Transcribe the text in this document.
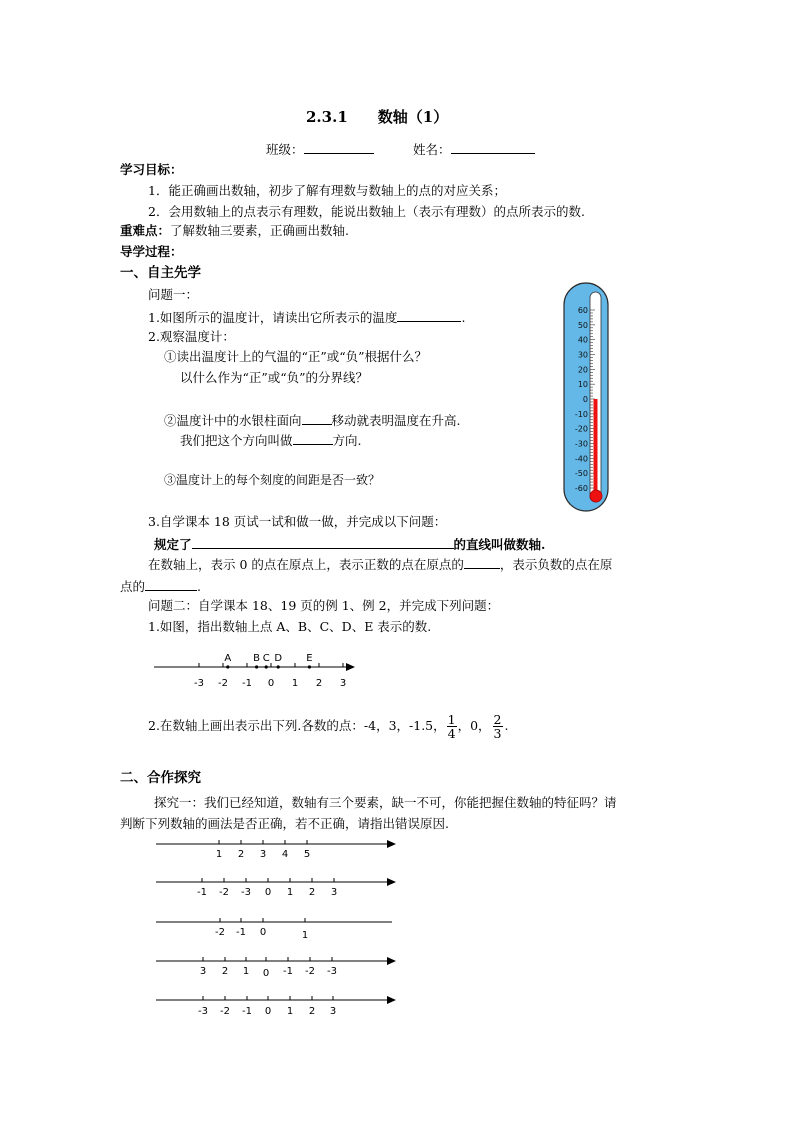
2.3.1　　数轴（1）
班级：	姓名：
学习目标：
1．能正确画出数轴，初步了解有理数与数轴上的点的对应关系；
2．会用数轴上的点表示有理数，能说出数轴上（表示有理数）的点所表示的数.
重难点：了解数轴三要素，正确画出数轴.
导学过程：
一、自主先学
问题一：
1.如图所示的温度计，请读出它所表示的温度	.
2.观察温度计：
①读出温度计上的气温的“正”或“负”根据什么？
以什么作为“正”或“负”的分界线？
②温度计中的水银柱面向 移动就表明温度在升高.
我们把这个方向叫做	方向.
③温度计上的每个刻度的间距是否一致？
60
50
40
30
20
10
0
-10
-20
-30
-40
-50
-60
3.自学课本 18 页试一试和做一做，并完成以下问题：
规定了	的直线叫做数轴.
在数轴上，表示 0 的点在原点上，表示正数的点在原点的	，表示负数的点在原
点的	.
问题二：自学课本 18、19 页的例 1、例 2，并完成下列问题：
1.如图，指出数轴上点 A、B、C、D、E 表示的数.
-3 -2 -1 0 1 2 3
A B C D E
2.在数轴上画出表示出下列.各数的点：-4，3，-1.5， $\frac{1}{4}$ ，0， $\frac{2}{3}$ .
二、合作探究
探究一：我们已经知道，数轴有三个要素，缺一不可，你能把握住数轴的特征吗？请
判断下列数轴的画法是否正确，若不正确，请指出错误原因.
1 2 3 4 5
-1 -2 -3 0 1 2 3
-2 -1 0	1
3 2 1 0 -1 -2 -3
-3 -2 -1 0 1 2 3
